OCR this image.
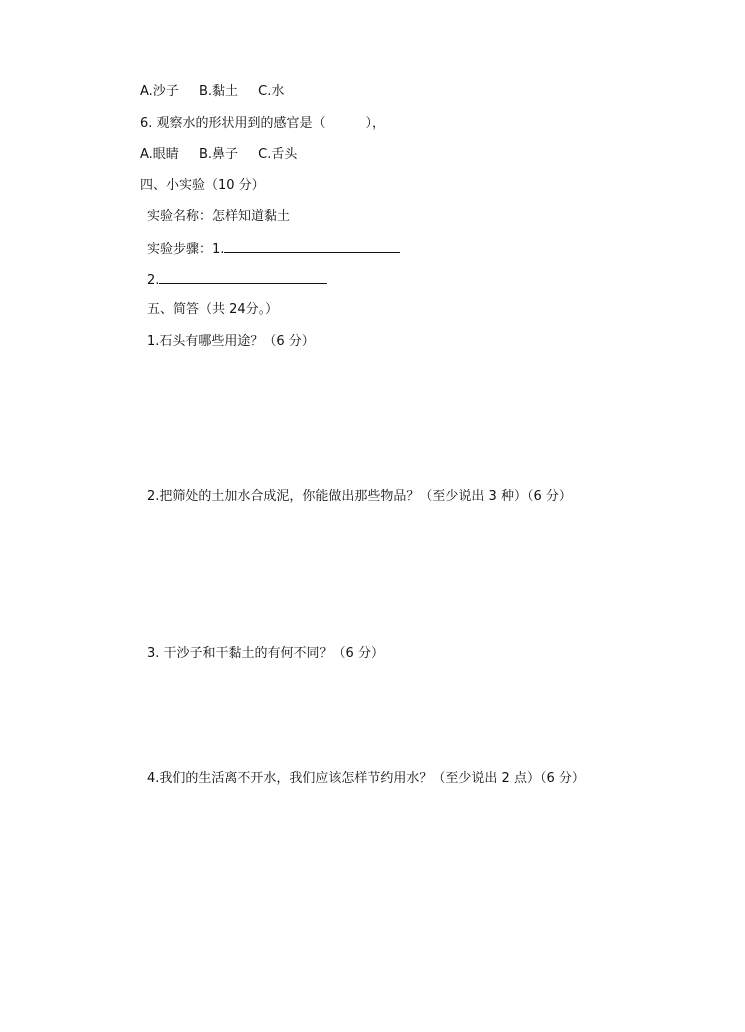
A.沙子 B.黏土 C.水
6. 观察水的形状用到的感官是（	），
A.眼睛 B.鼻子 C.舌头
四、小实验（10 分）
实验名称：怎样知道黏土
实验步骤：1.
2.
五、简答（共 24分。）
1.石头有哪些用途？（6 分）
2.把筛处的土加水合成泥，你能做出那些物品？（至少说出 3 种）（6 分）
3. 干沙子和干黏土的有何不同？（6 分）
4.我们的生活离不开水，我们应该怎样节约用水？（至少说出 2 点）（6 分）
